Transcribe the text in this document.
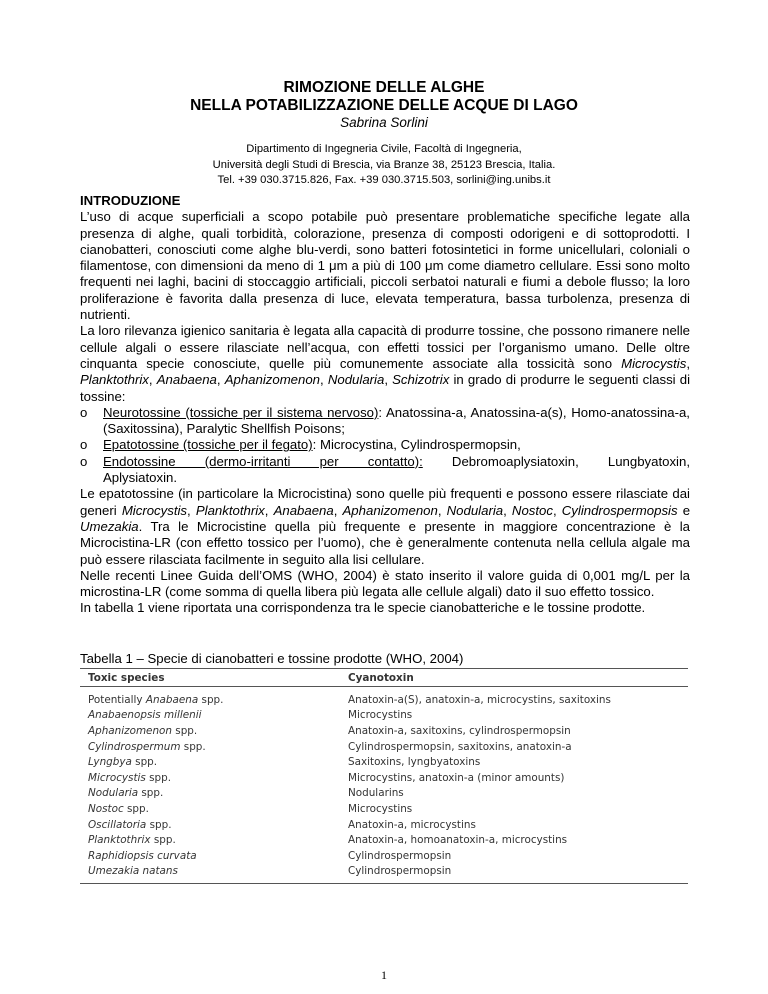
RIMOZIONE DELLE ALGHE
NELLA POTABILIZZAZIONE DELLE ACQUE DI LAGO
Sabrina Sorlini
Dipartimento di Ingegneria Civile, Facoltà di Ingegneria,
Università degli Studi di Brescia, via Branze 38, 25123 Brescia, Italia.
Tel. +39 030.3715.826, Fax. +39 030.3715.503, sorlini@ing.unibs.it
INTRODUZIONE
L’uso di acque superficiali a scopo potabile può presentare problematiche specifiche legate alla presenza di alghe, quali torbidità, colorazione, presenza di composti odorigeni e di sottoprodotti. I cianobatteri, conosciuti come alghe blu-verdi, sono batteri fotosintetici in forme unicellulari, coloniali o filamentose, con dimensioni da meno di 1 μm a più di 100 μm come diametro cellulare. Essi sono molto frequenti nei laghi, bacini di stoccaggio artificiali, piccoli serbatoi naturali e fiumi a debole flusso; la loro proliferazione è favorita dalla presenza di luce, elevata temperatura, bassa turbolenza, presenza di nutrienti.
La loro rilevanza igienico sanitaria è legata alla capacità di produrre tossine, che possono rimanere nelle cellule algali o essere rilasciate nell’acqua, con effetti tossici per l’organismo umano. Delle oltre cinquanta specie conosciute, quelle più comunemente associate alla tossicità sono Microcystis, Planktothrix, Anabaena, Aphanizomenon, Nodularia, Schizotrix in grado di produrre le seguenti classi di tossine:
o Neurotossine (tossiche per il sistema nervoso): Anatossina-a, Anatossina-a(s), Homo-anatossina-a, (Saxitossina), Paralytic Shellfish Poisons;
o Epatotossine (tossiche per il fegato): Microcystina, Cylindrospermopsin,
o Endotossine (dermo-irritanti per contatto): Debromoaplysiatoxin, Lungbyatoxin,
Aplysiatoxin.
Le epatotossine (in particolare la Microcistina) sono quelle più frequenti e possono essere rilasciate dai generi Microcystis, Planktothrix, Anabaena, Aphanizomenon, Nodularia, Nostoc, Cylindrospermopsis e Umezakia. Tra le Microcistine quella più frequente e presente in maggiore concentrazione è la Microcistina-LR (con effetto tossico per l’uomo), che è generalmente contenuta nella cellula algale ma può essere rilasciata facilmente in seguito alla lisi cellulare.
Nelle recenti Linee Guida dell’OMS (WHO, 2004) è stato inserito il valore guida di 0,001 mg/L per la microstina-LR (come somma di quella libera più legata alle cellule algali) dato il suo effetto tossico.
In tabella 1 viene riportata una corrispondenza tra le specie cianobatteriche e le tossine prodotte.
Tabella 1 – Specie di cianobatteri e tossine prodotte (WHO, 2004)
Toxic species	Cyanotoxin
Potentially Anabaena spp.	Anatoxin-a(S), anatoxin-a, microcystins, saxitoxins
Anabaenopsis millenii	Microcystins
Aphanizomenon spp.	Anatoxin-a, saxitoxins, cylindrospermopsin
Cylindrospermum spp.	Cylindrospermopsin, saxitoxins, anatoxin-a
Lyngbya spp.	Saxitoxins, lyngbyatoxins
Microcystis spp.	Microcystins, anatoxin-a (minor amounts)
Nodularia spp.	Nodularins
Nostoc spp.	Microcystins
Oscillatoria spp.	Anatoxin-a, microcystins
Planktothrix spp.	Anatoxin-a, homoanatoxin-a, microcystins
Raphidiopsis curvata	Cylindrospermopsin
Umezakia natans	Cylindrospermopsin
1
